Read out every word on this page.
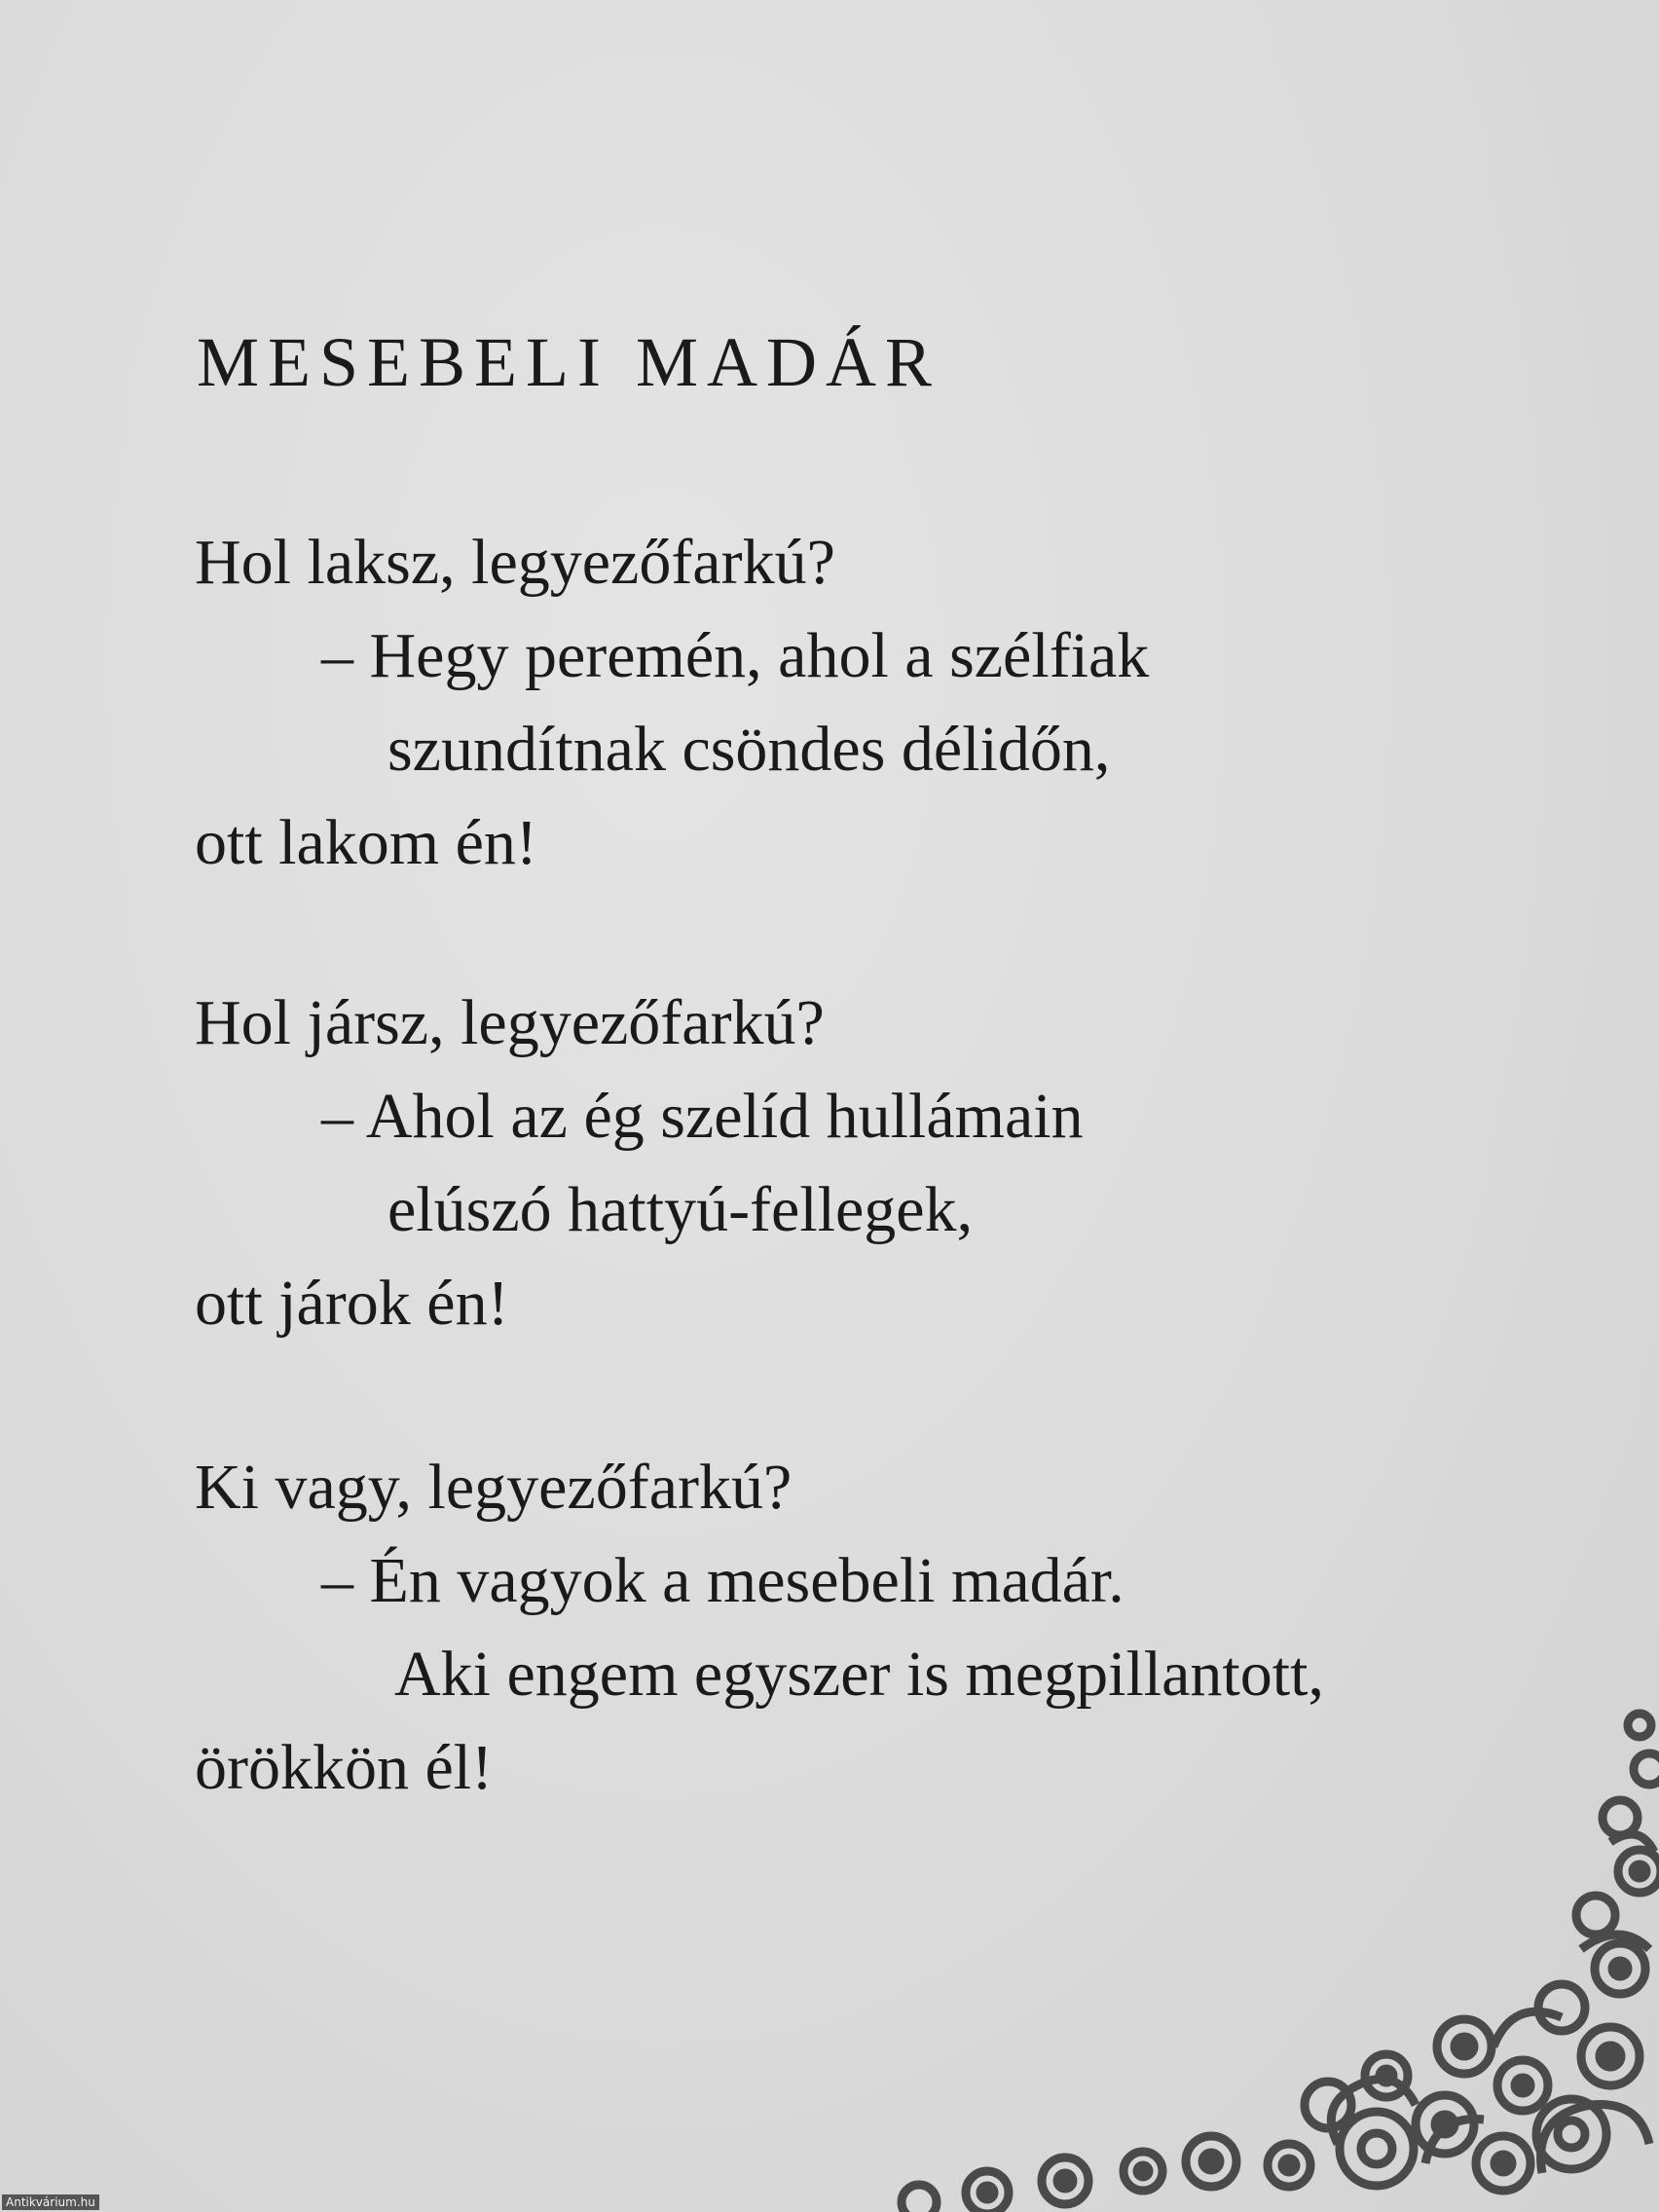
MESEBELI MADÁR
Hol laksz, legyezőfarkú?
– Hegy peremén, ahol a szélfiak
szundítnak csöndes délidőn,
ott lakom én!
Hol jársz, legyezőfarkú?
– Ahol az ég szelíd hullámain
elúszó hattyú-fellegek,
ott járok én!
Ki vagy, legyezőfarkú?
– Én vagyok a mesebeli madár.
Aki engem egyszer is megpillantott,
örökkön él!
Antikvárium.hu
